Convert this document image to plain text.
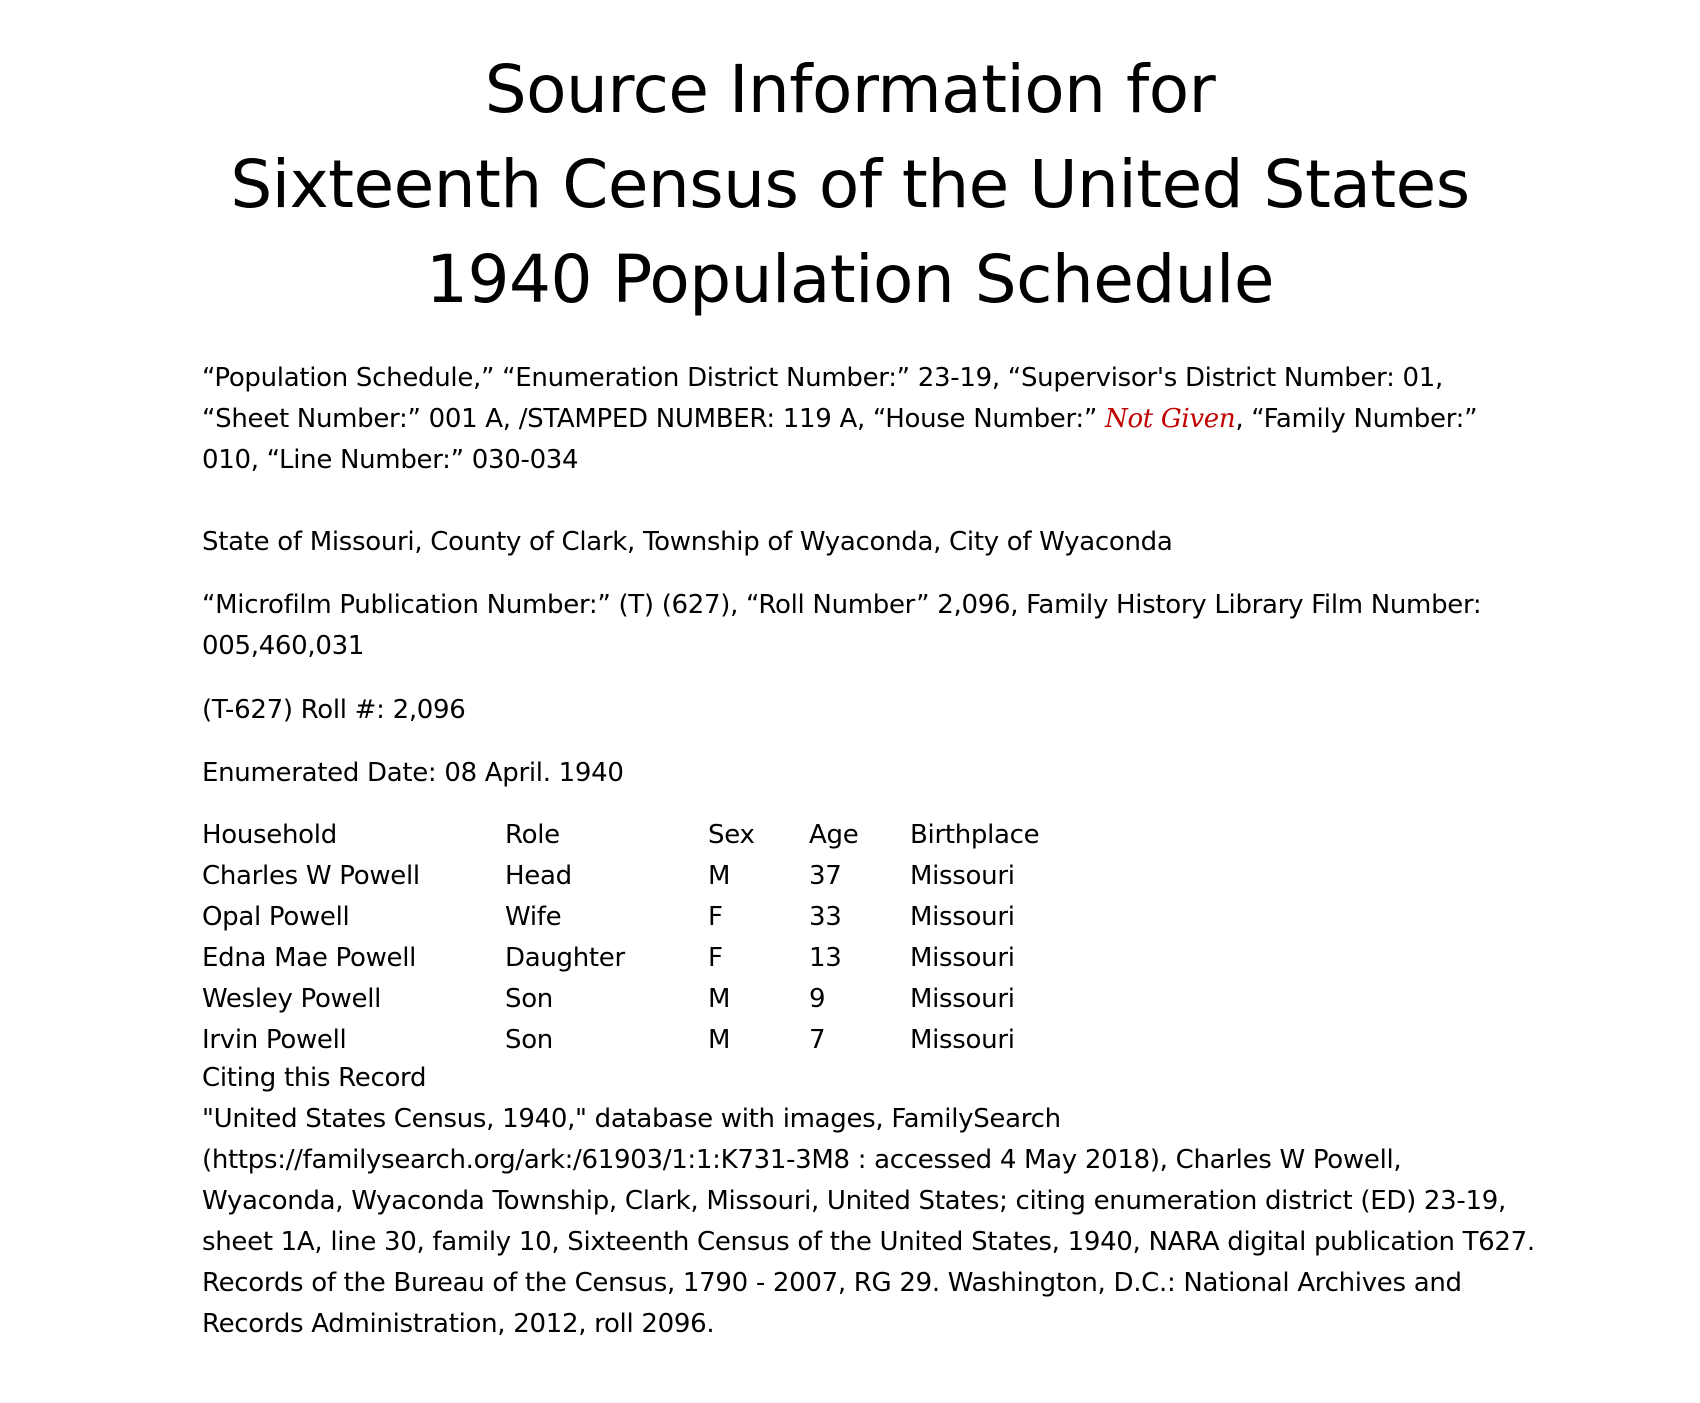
Source Information for
Sixteenth Census of the United States
1940 Population Schedule
“Population Schedule,” “Enumeration District Number:” 23-19, “Supervisor's District Number: 01, “Sheet Number:” 001 A, /STAMPED NUMBER: 119 A, “House Number:” Not Given, “Family Number:” 010, “Line Number:” 030-034
State of Missouri, County of Clark, Township of Wyaconda, City of Wyaconda
“Microfilm Publication Number:” (T) (627), “Roll Number” 2,096, Family History Library Film Number: 005,460,031
(T-627) Roll #: 2,096
Enumerated Date: 08 April. 1940
Household	Role	Sex Age Birthplace
Charles W Powell	Head	M	37	Missouri
Opal Powell	Wife	F	33	Missouri
Edna Mae Powell	Daughter	F	13	Missouri
Wesley Powell	Son	M	9	Missouri
Irvin Powell	Son	M	7	Missouri
Citing this Record
"United States Census, 1940," database with images, FamilySearch
(https://familysearch.org/ark:/61903/1:1:K731-3M8 : accessed 4 May 2018), Charles W Powell,
Wyaconda, Wyaconda Township, Clark, Missouri, United States; citing enumeration district (ED) 23-19,
sheet 1A, line 30, family 10, Sixteenth Census of the United States, 1940, NARA digital publication T627.
Records of the Bureau of the Census, 1790 - 2007, RG 29. Washington, D.C.: National Archives and
Records Administration, 2012, roll 2096.
